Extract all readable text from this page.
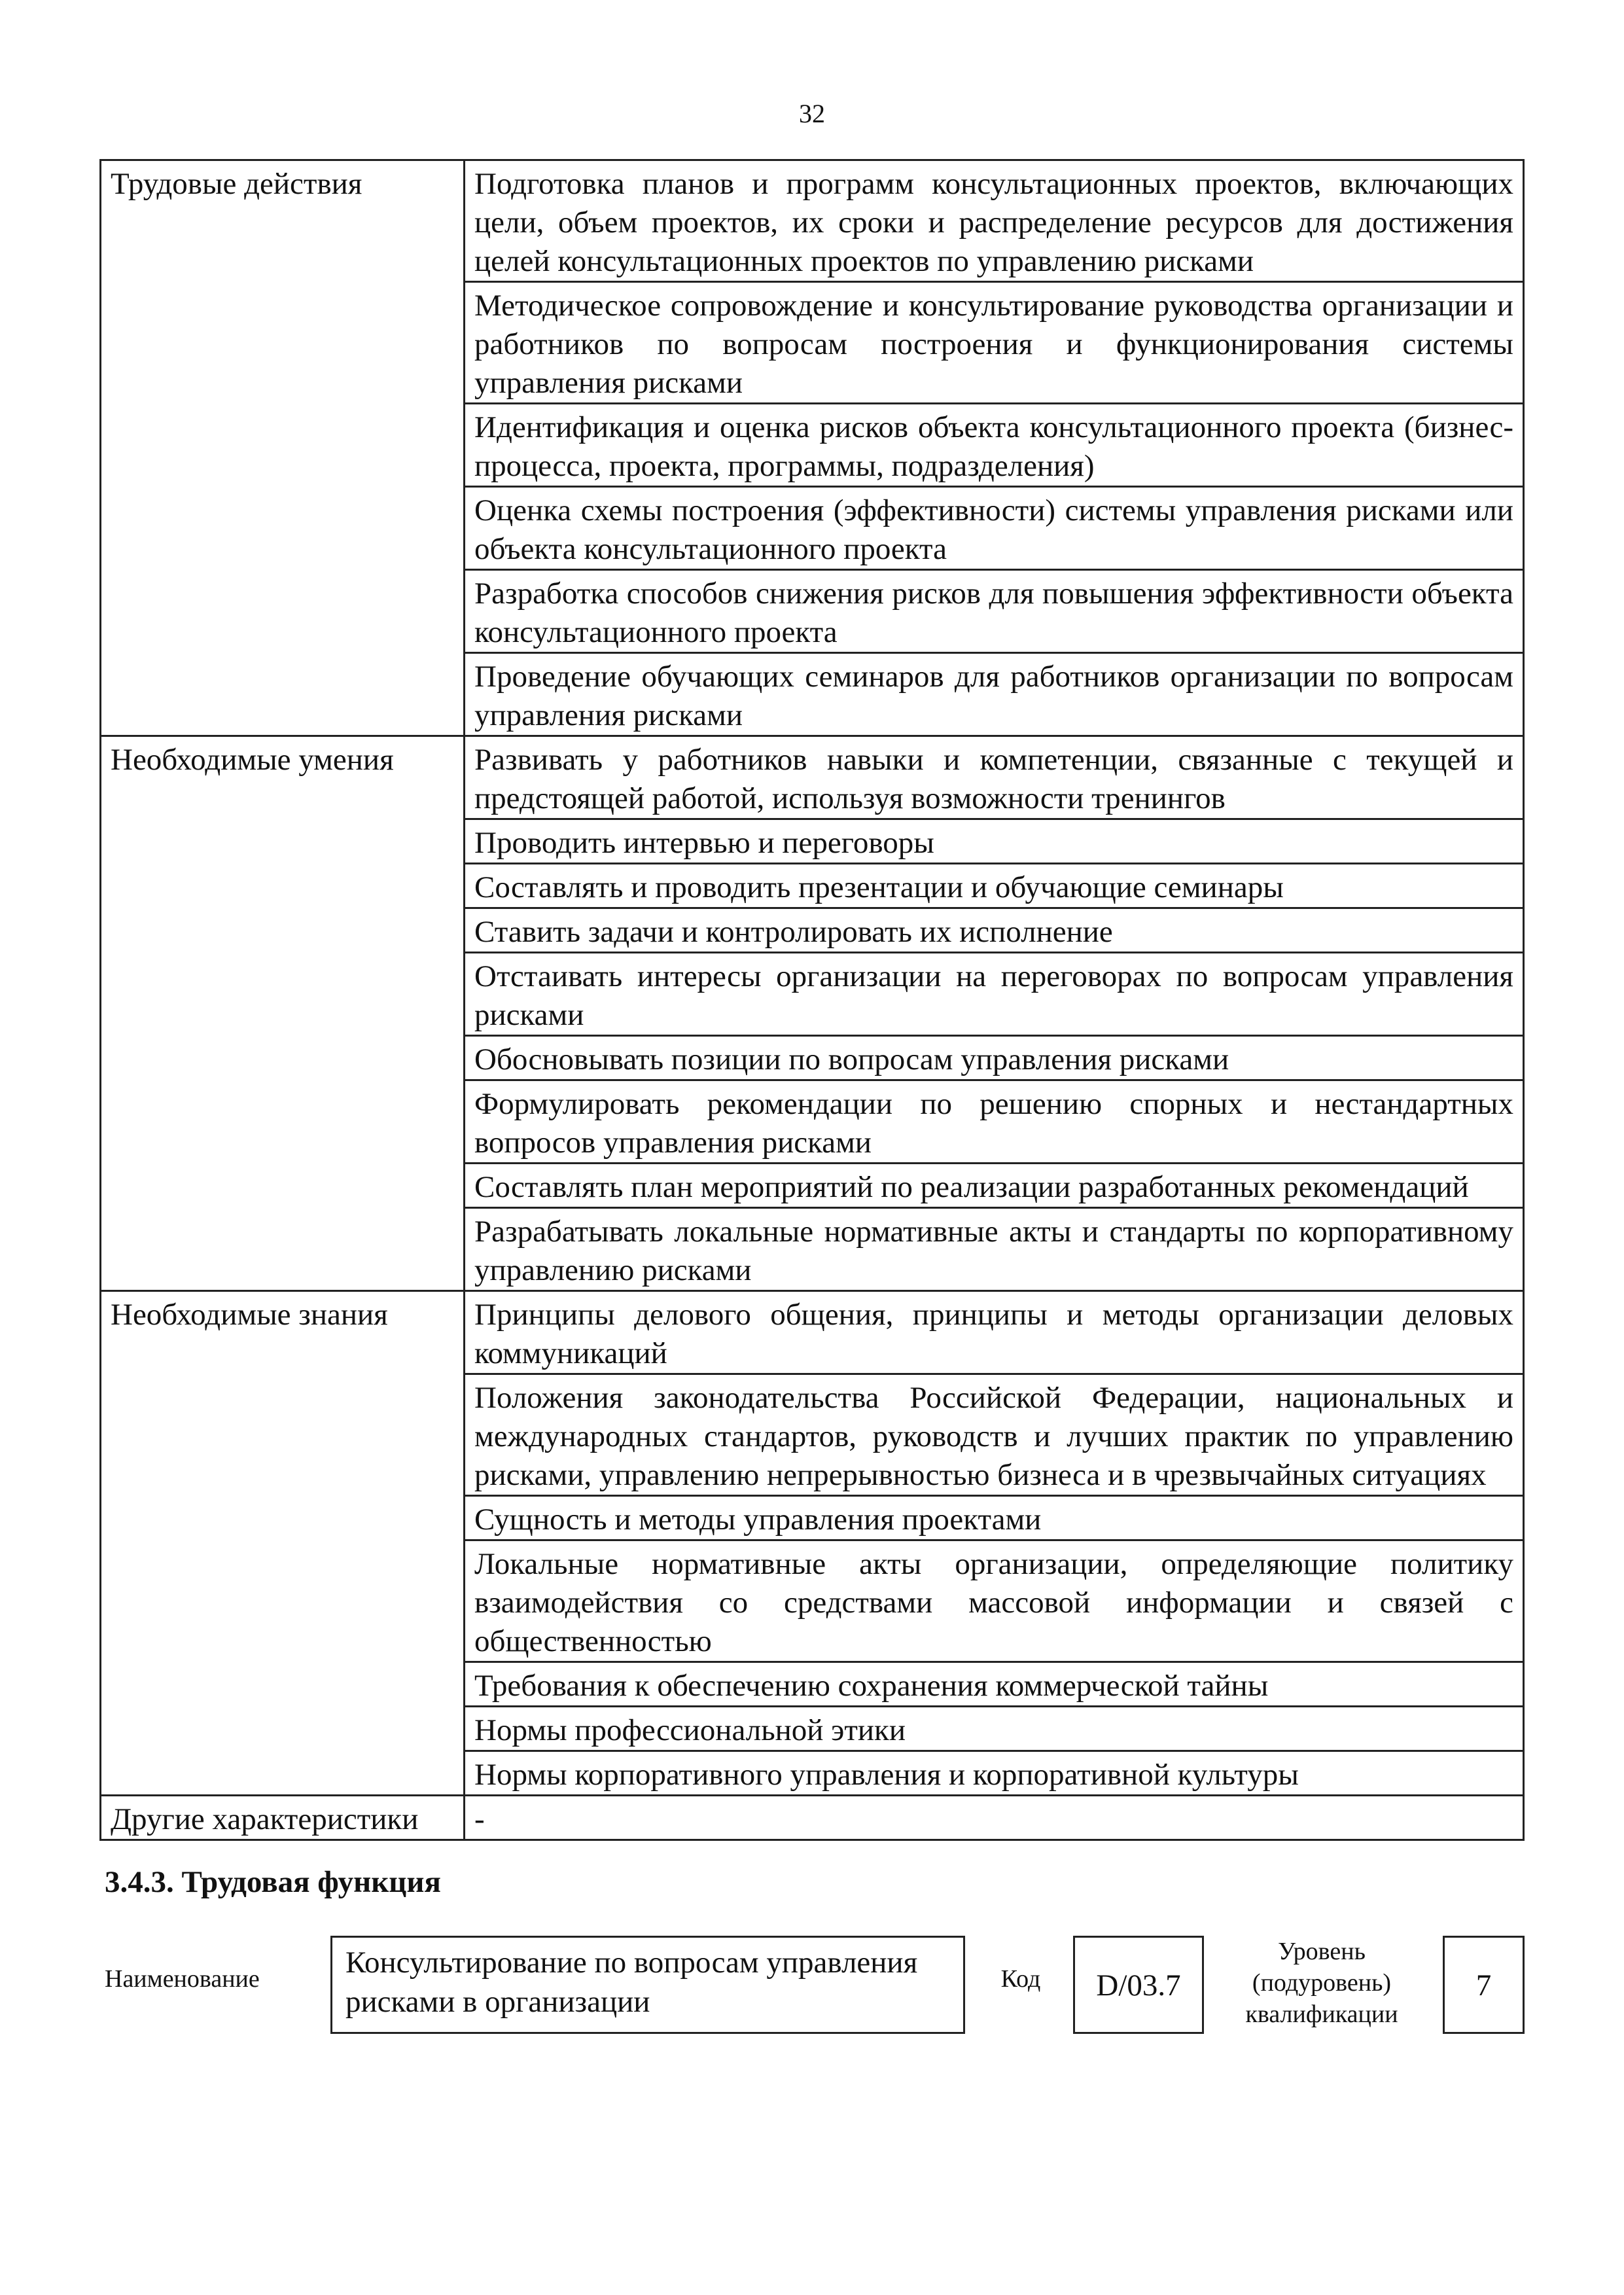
32
Трудовые действия	Подготовка планов и программ консультационных проектов, включающих цели, объем проектов, их сроки и распределение ресурсов для достижения целей консультационных проектов по управлению рисками
	Методическое сопровождение и консультирование руководства организации и работников по вопросам построения и функционирования системы управления рисками
	Идентификация и оценка рисков объекта консультационного проекта (бизнес-процесса, проекта, программы, подразделения)
	Оценка схемы построения (эффективности) системы управления рисками или объекта консультационного проекта
	Разработка способов снижения рисков для повышения эффективности объекта консультационного проекта
	Проведение обучающих семинаров для работников организации по вопросам управления рисками
Необходимые умения	Развивать у работников навыки и компетенции, связанные с текущей и предстоящей работой, используя возможности тренингов
	Проводить интервью и переговоры
	Составлять и проводить презентации и обучающие семинары
	Ставить задачи и контролировать их исполнение
	Отстаивать интересы организации на переговорах по вопросам управления рисками
	Обосновывать позиции по вопросам управления рисками
	Формулировать рекомендации по решению спорных и нестандартных вопросов управления рисками
	Составлять план мероприятий по реализации разработанных рекомендаций
	Разрабатывать локальные нормативные акты и стандарты по корпоративному управлению рисками
Необходимые знания	Принципы делового общения, принципы и методы организации деловых коммуникаций
	Положения законодательства Российской Федерации, национальных и международных стандартов, руководств и лучших практик по управлению рисками, управлению непрерывностью бизнеса и в чрезвычайных ситуациях
	Сущность и методы управления проектами
	Локальные нормативные акты организации, определяющие политику взаимодействия со средствами массовой информации и связей с общественностью
	Требования к обеспечению сохранения коммерческой тайны
	Нормы профессиональной этики
	Нормы корпоративного управления и корпоративной культуры
Другие характеристики	-
3.4.3. Трудовая функция
Наименование	Консультирование по вопросам управления рисками в организации
Код	D/03.7
Уровень
(подуровень)
квалификации
7
